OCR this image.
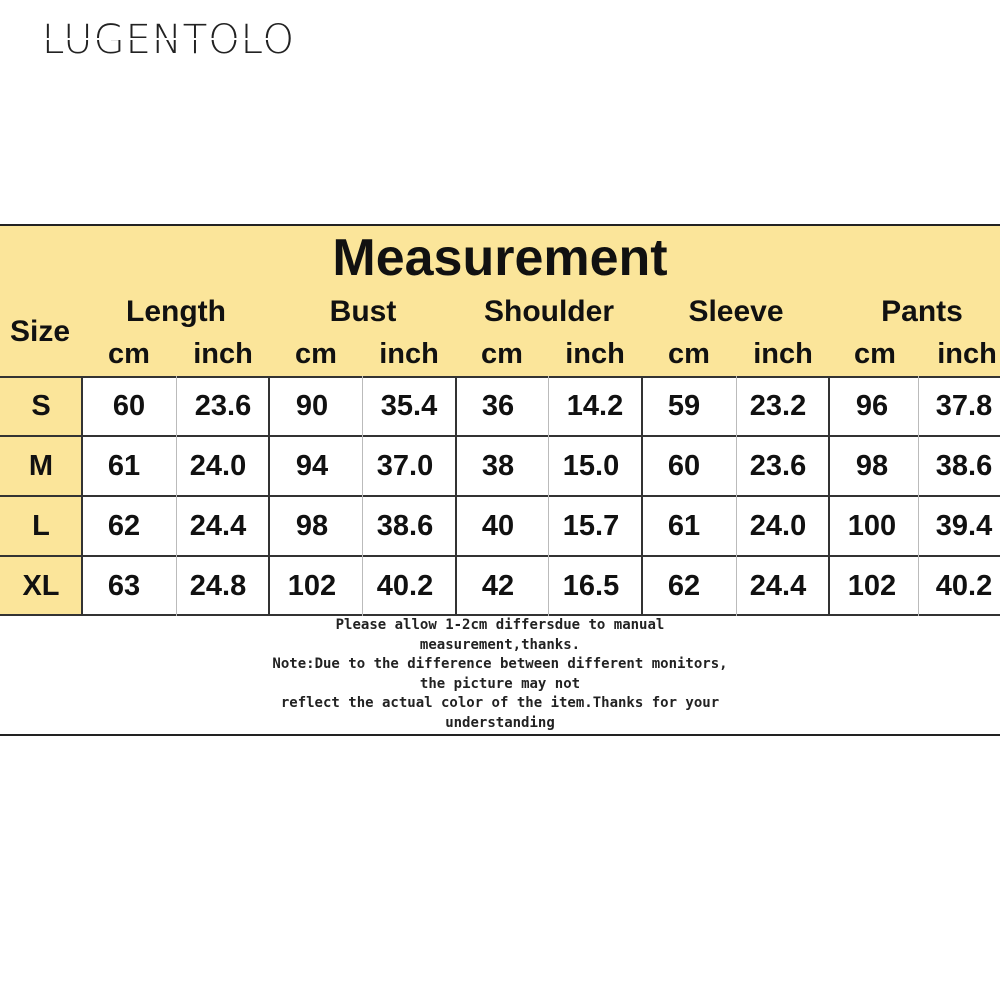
LUGENTOLO
Measurement
Size
Length	Bust	Shoulder	Sleeve	Pants
cm	inch	cm	inch	cm	inch	cm	inch	cm	inch
S	60	23.6	90	35.4	36	14.2	59	23.2	96	37.8
M	61	24.0	94	37.0	38	15.0	60	23.6	98	38.6
L	62	24.4	98	38.6	40	15.7	61	24.0	100	39.4
XL	63	24.8	102	40.2	42	16.5	62	24.4	102	40.2
Please allow 1-2cm differsdue to manual
measurement,thanks.
Note:Due to the difference between different monitors,
the picture may not
reflect the actual color of the item.Thanks for your
understanding
